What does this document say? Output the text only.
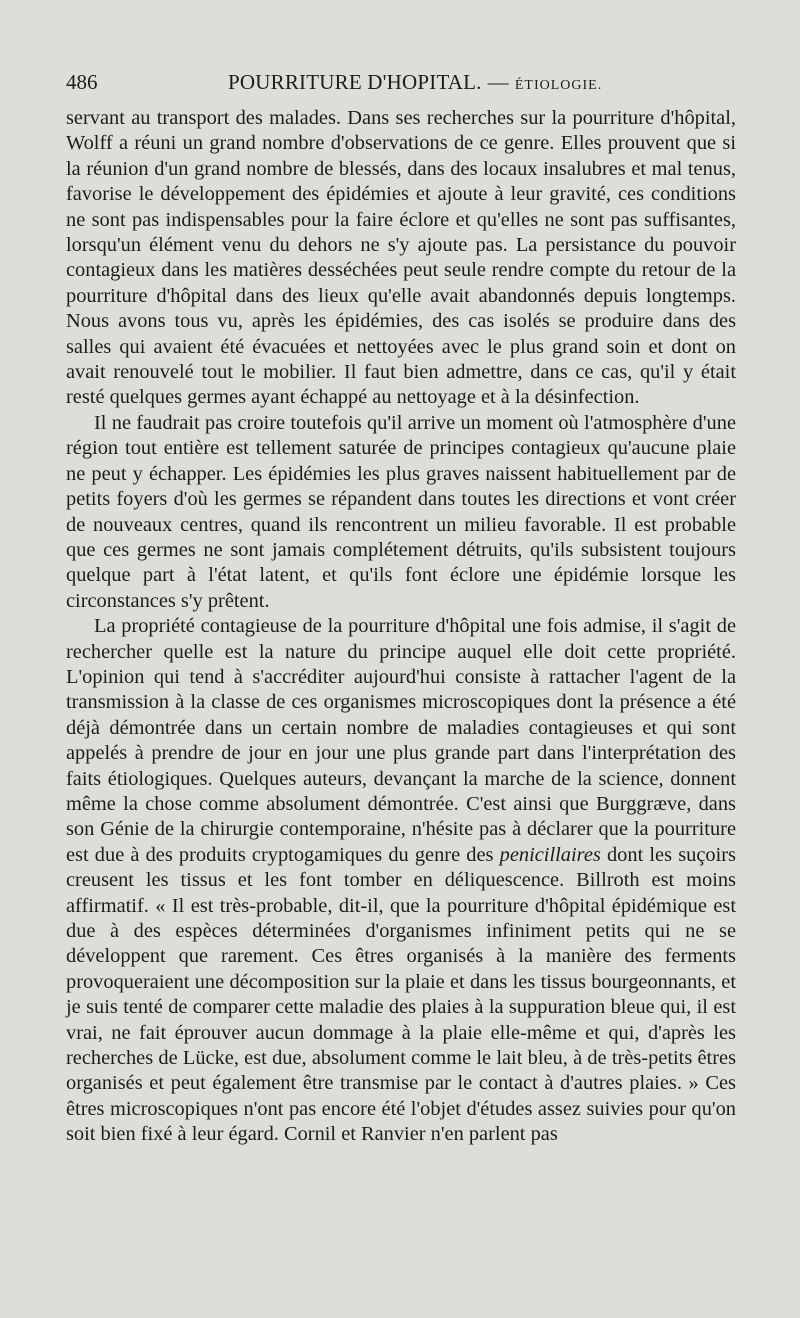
486	POURRITURE D'HOPITAL. — ÉTIOLOGIE.

servant au transport des malades. Dans ses recherches sur la pourriture d'hôpital, Wolff a réuni un grand nombre d'observations de ce genre. Elles prouvent que si la réunion d'un grand nombre de blessés, dans des locaux insalubres et mal tenus, favorise le développement des épidémies et ajoute à leur gravité, ces conditions ne sont pas indispensables pour la faire éclore et qu'elles ne sont pas suffisantes, lorsqu'un élément venu du dehors ne s'y ajoute pas. La persistance du pouvoir contagieux dans les matières desséchées peut seule rendre compte du retour de la pourriture d'hôpital dans des lieux qu'elle avait abandonnés depuis longtemps. Nous avons tous vu, après les épidémies, des cas isolés se produire dans des salles qui avaient été évacuées et nettoyées avec le plus grand soin et dont on avait renouvelé tout le mobilier. Il faut bien admettre, dans ce cas, qu'il y était resté quelques germes ayant échappé au nettoyage et à la désinfection.

Il ne faudrait pas croire toutefois qu'il arrive un moment où l'atmosphère d'une région tout entière est tellement saturée de principes contagieux qu'aucune plaie ne peut y échapper. Les épidémies les plus graves naissent habituellement par de petits foyers d'où les germes se répandent dans toutes les directions et vont créer de nouveaux centres, quand ils rencontrent un milieu favorable. Il est probable que ces germes ne sont jamais complétement détruits, qu'ils subsistent toujours quelque part à l'état latent, et qu'ils font éclore une épidémie lorsque les circonstances s'y prêtent.

La propriété contagieuse de la pourriture d'hôpital une fois admise, il s'agit de rechercher quelle est la nature du principe auquel elle doit cette propriété. L'opinion qui tend à s'accréditer aujourd'hui consiste à rattacher l'agent de la transmission à la classe de ces organismes microscopiques dont la présence a été déjà démontrée dans un certain nombre de maladies contagieuses et qui sont appelés à prendre de jour en jour une plus grande part dans l'interprétation des faits étiologiques. Quelques auteurs, devançant la marche de la science, donnent même la chose comme absolument démontrée. C'est ainsi que Burggræve, dans son Génie de la chirurgie contemporaine, n'hésite pas à déclarer que la pourriture est due à des produits cryptogamiques du genre des penicillaires dont les suçoirs creusent les tissus et les font tomber en déliquescence. Billroth est moins affirmatif. « Il est très-probable, dit-il, que la pourriture d'hôpital épidémique est due à des espèces déterminées d'organismes infiniment petits qui ne se développent que rarement. Ces êtres organisés à la manière des ferments provoqueraient une décomposition sur la plaie et dans les tissus bourgeonnants, et je suis tenté de comparer cette maladie des plaies à la suppuration bleue qui, il est vrai, ne fait éprouver aucun dommage à la plaie elle-même et qui, d'après les recherches de Lücke, est due, absolument comme le lait bleu, à de très-petits êtres organisés et peut également être transmise par le contact à d'autres plaies. » Ces êtres microscopiques n'ont pas encore été l'objet d'études assez suivies pour qu'on soit bien fixé à leur égard. Cornil et Ranvier n'en parlent pas
